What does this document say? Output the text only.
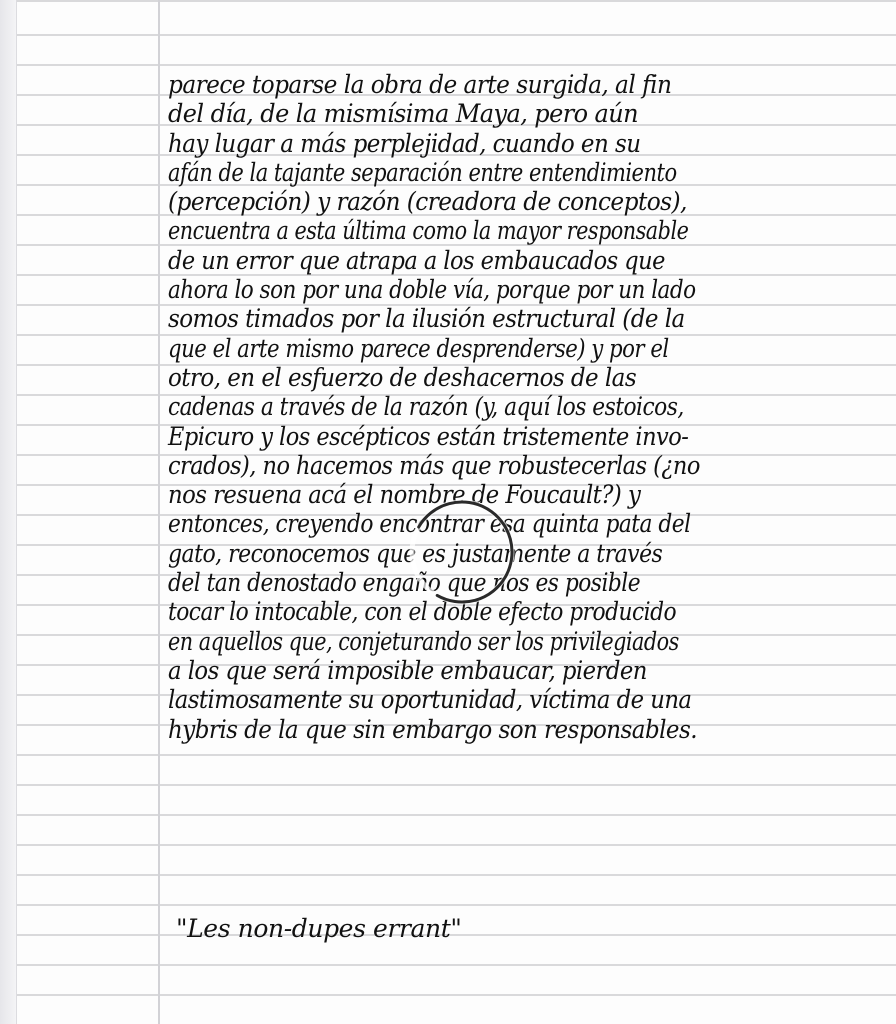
parece toparse la obra de arte surgida, al fin
del día, de la mismísima Maya, pero aún
hay lugar a más perplejidad, cuando en su
afán de la tajante separación entre entendimiento
(percepción) y razón (creadora de conceptos),
encuentra a esta última como la mayor responsable
de un error que atrapa a los embaucados que
ahora lo son por una doble vía, porque por un lado
somos timados por la ilusión estructural (de la
que el arte mismo parece desprenderse) y por el
otro, en el esfuerzo de deshacernos de las
cadenas a través de la razón (y, aquí los estoicos,
Epicuro y los escépticos están tristemente invo-
crados), no hacemos más que robustecerlas (¿no
nos resuena acá el nombre de Foucault?) y
entonces, creyendo encontrar esa quinta pata del
gato, reconocemos que es justamente a través
del tan denostado engaño que nos es posible
tocar lo intocable, con el doble efecto producido
en aquellos que, conjeturando ser los privilegiados
a los que será imposible embaucar, pierden
lastimosamente su oportunidad, víctima de una
hybris de la que sin embargo son responsables.
"Les non-dupes errant"
